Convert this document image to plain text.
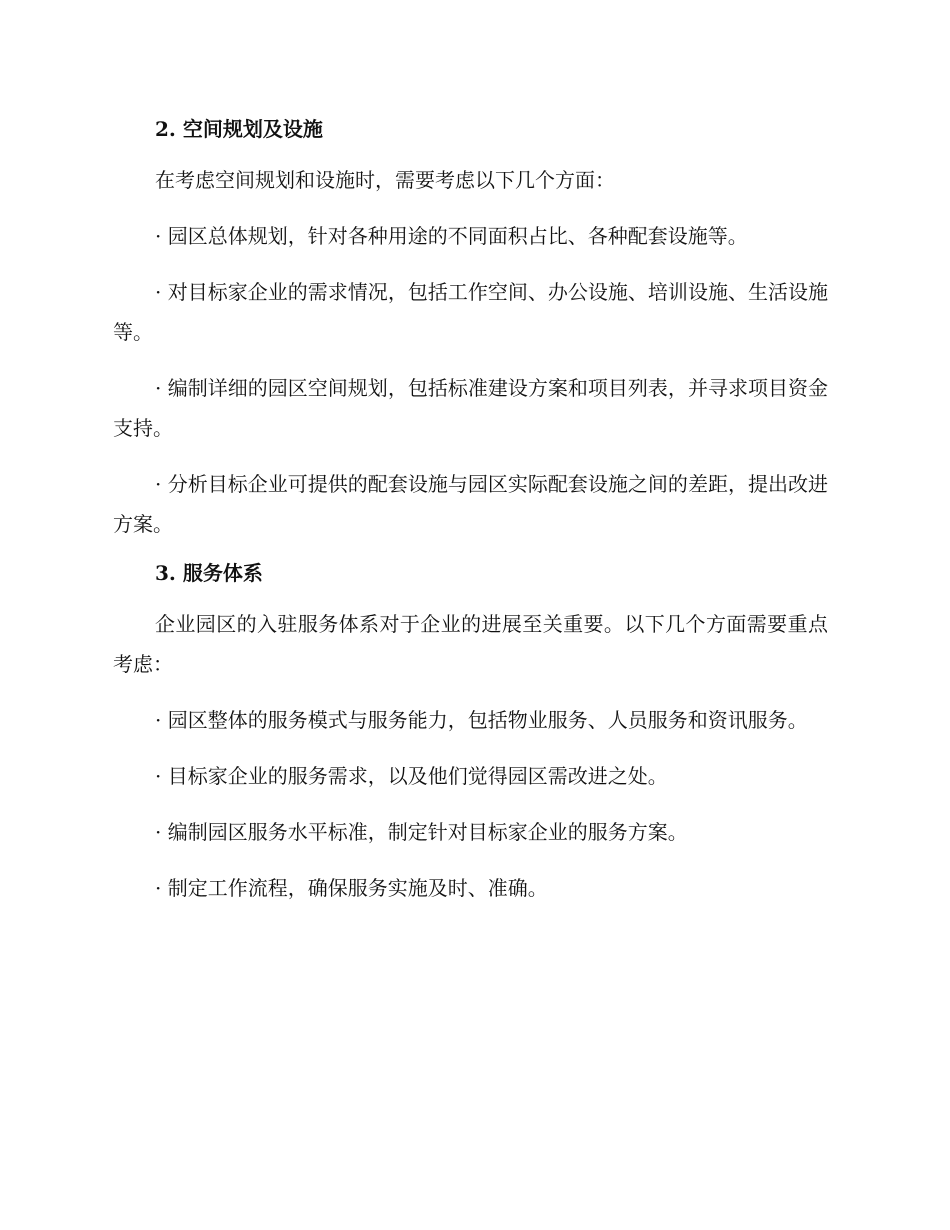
2. 空间规划及设施

在考虑空间规划和设施时，需要考虑以下几个方面：

· 园区总体规划，针对各种用途的不同面积占比、各种配套设施等。

· 对目标家企业的需求情况，包括工作空间、办公设施、培训设施、生活设施等。

· 编制详细的园区空间规划，包括标准建设方案和项目列表，并寻求项目资金支持。

· 分析目标企业可提供的配套设施与园区实际配套设施之间的差距，提出改进方案。

3. 服务体系

企业园区的入驻服务体系对于企业的进展至关重要。以下几个方面需要重点考虑：

· 园区整体的服务模式与服务能力，包括物业服务、人员服务和资讯服务。

· 目标家企业的服务需求，以及他们觉得园区需改进之处。

· 编制园区服务水平标准，制定针对目标家企业的服务方案。

· 制定工作流程，确保服务实施及时、准确。
